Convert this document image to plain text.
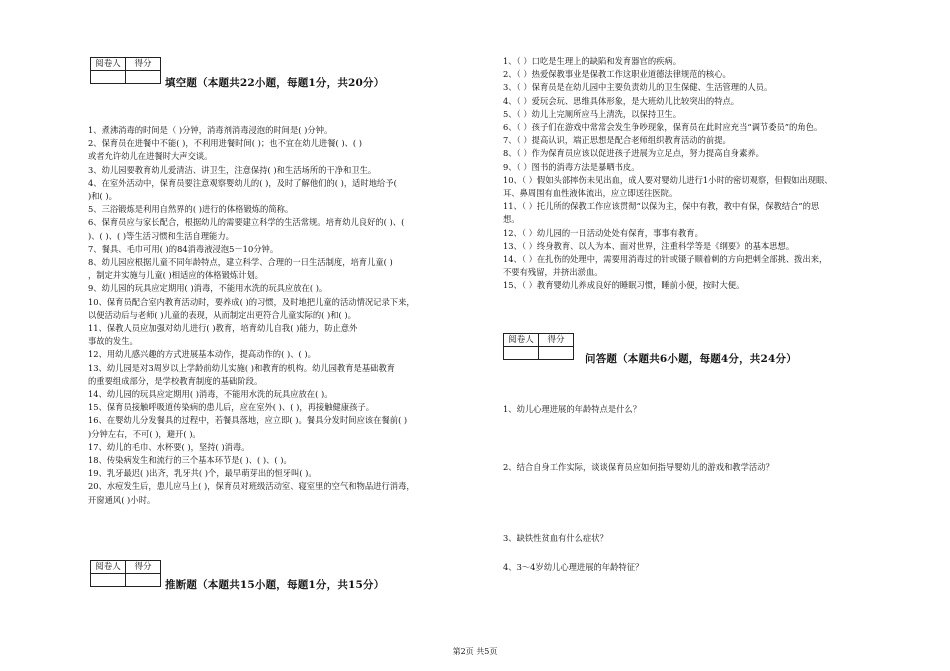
阅卷人	得分

填空题（本题共22小题，每题1分，共20分）

1、煮沸消毒的时间是（ )分钟，消毒剂消毒浸泡的时间是( )分钟。

2、保育员在进餐中不能( )，不利用进餐时间( )；也不宜在幼儿进餐( )、( )

或者允许幼儿在进餐时大声交谈。

3、幼儿园要教育幼儿爱清洁、讲卫生，注意保持( )和生活场所的干净和卫生。

4、在室外活动中，保育员要注意观察婴幼儿的( )，及时了解他们的( )，适时地给予(

)和( )。

5、三浴锻炼是利用自然界的( )进行的体格锻炼的简称。

6、保育员应与家长配合，根据幼儿的需要建立科学的生活常规。培育幼儿良好的( )、(

)、( )、( )等生活习惯和生活自理能力。

7、餐具、毛巾可用( )的84消毒液浸泡5－10分钟。

8、幼儿园应根据儿童不同年龄特点，建立科学、合理的一日生活制度，培育儿童( )

，制定并实施与儿童( )相适应的体格锻炼计划。

9、幼儿园的玩具应定期用( )消毒，不能用水洗的玩具应放在( )。

10、保育员配合室内教育活动时，要养成( )的习惯，及时地把儿童的活动情况记录下来，

以便活动后与老师( )儿童的表现，从而制定出更符合儿童实际的( )和( )。

11、保教人员应加强对幼儿进行( )教育，培育幼儿自我( )能力，防止意外

事故的发生。

12、用幼儿感兴趣的方式进展基本动作，提高动作的( )、( )。

13、幼儿园是对3周岁以上学龄前幼儿实施( )和教育的机构。幼儿园教育是基础教育

的重要组成部分，是学校教育制度的基础阶段。

14、幼儿园的玩具应定期用( )消毒，不能用水洗的玩具应放在( )。

15、保育员接触呼吸道传染病的患儿后，应在室外( )、( )，再接触健康孩子。

16、在婴幼儿分发餐具的过程中，若餐具落地，应立即( )。餐具分发时间应该在餐前( )

)分钟左右，不可( )，避开( )。

17、幼儿的毛巾、水杯要( )，坚持( )消毒。

18、传染病发生和流行的三个基本环节是( )、( )、( )。

19、乳牙最迟( )出齐，乳牙共( )个，最早萌芽出的恒牙叫( )。

20、水痘发生后，患儿应马上( )，保育员对班级活动室、寝室里的空气和物品进行消毒，

开窗通风( )小时。

阅卷人	得分

推断题（本题共15小题，每题1分，共15分）

1、（ ）口吃是生理上的缺陷和发育器官的疾病。

2、（ ）热爱保教事业是保教工作这职业道德法律规范的核心。

3、（ ）保育员是在幼儿园中主要负责幼儿的卫生保健、生活管理的人员。

4、（ ）爱玩会玩、思维具体形象，是大班幼儿比较突出的特点。

5、（ ）幼儿上完厕所应马上清洗，以保持卫生。

6、（ ）孩子们在游戏中常常会发生争吵现象，保育员在此时应充当“调节委员”的角色。

7、（ ）提高认识，端正思想是配合老师组织教育活动的前提。

8、（ ）作为保育员应该以促进孩子进展为立足点，努力提高自身素养。

9、（ ）图书的消毒方法是暴晒书皮。

10、（ ）假如头部摔伤未见出血，成人要对婴幼儿进行1小时的密切观察，但假如出现眼、

耳、鼻周围有血性液体流出，应立即送往医院。

11、（ ）托儿所的保教工作应该贯彻“以保为主，保中有教，教中有保，保教结合”的思

想。

12、（ ）幼儿园的一日活动处处有保育，事事有教育。

13、（ ）终身教育、以人为本、面对世界，注重科学等是《纲要》的基本思想。

14、（ ）在扎伤的处理中，需要用消毒过的针或镊子顺着刺的方向把刺全部挑、拨出来，

不要有残留，并挤出淤血。

15、（ ）教育婴幼儿养成良好的睡眠习惯，睡前小便，按时大便。

阅卷人	得分

问答题（本题共6小题，每题4分，共24分）
1、幼儿心理进展的年龄特点是什么？
2、结合自身工作实际，谈谈保育员应如何指导婴幼儿的游戏和教学活动？
3、缺铁性贫血有什么症状？
4、3～4岁幼儿心理进展的年龄特征？
第2页 共5页
